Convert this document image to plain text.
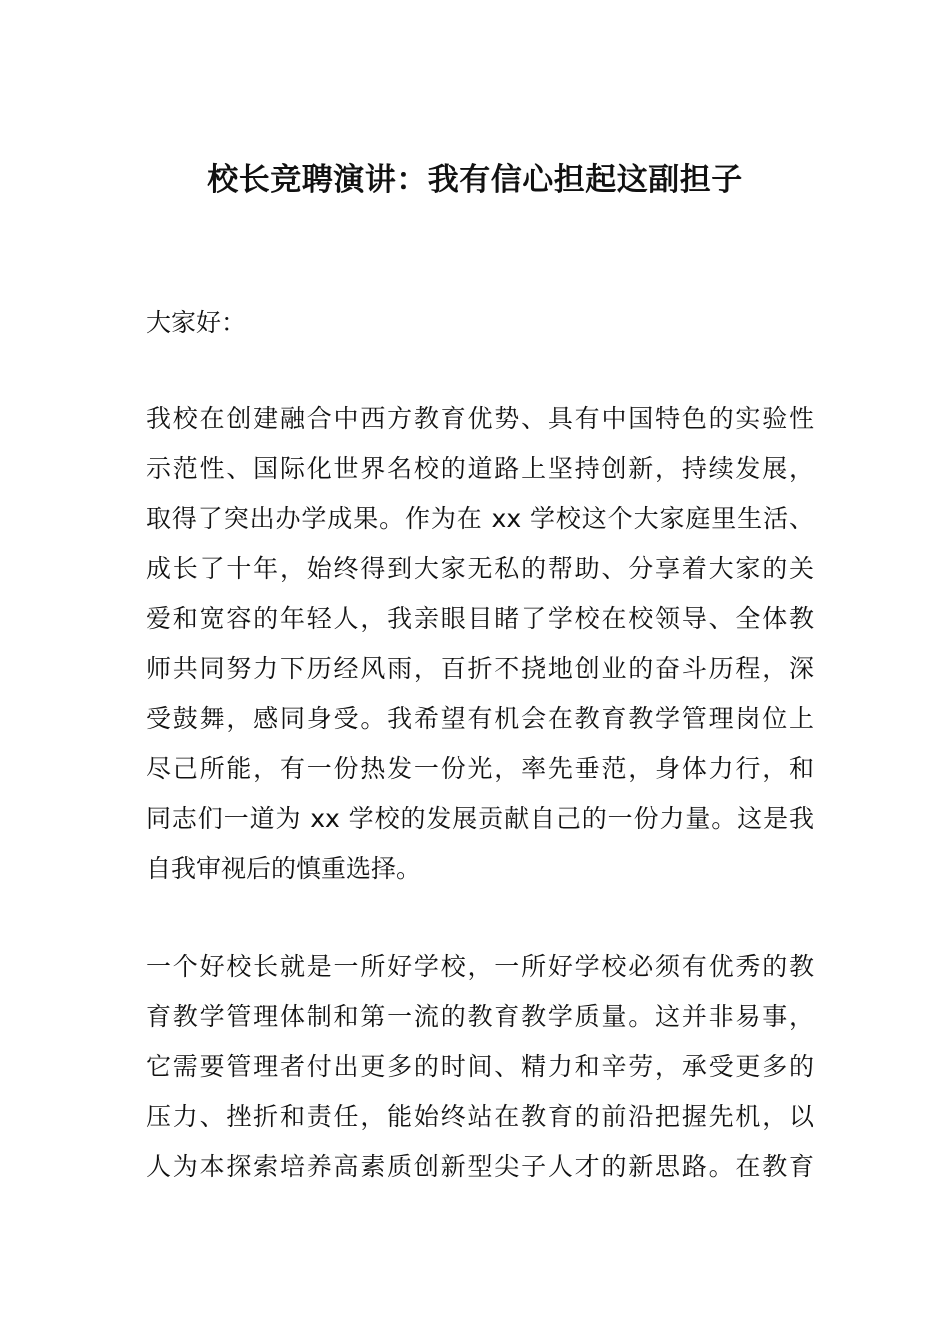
校长竞聘演讲：我有信心担起这副担子

大家好：

我校在创建融合中西方教育优势、具有中国特色的实验性
示范性、国际化世界名校的道路上坚持创新，持续发展，
取得了突出办学成果。作为在 xx 学校这个大家庭里生活、
成长了十年，始终得到大家无私的帮助、分享着大家的关
爱和宽容的年轻人，我亲眼目睹了学校在校领导、全体教
师共同努力下历经风雨，百折不挠地创业的奋斗历程，深
受鼓舞，感同身受。我希望有机会在教育教学管理岗位上
尽己所能，有一份热发一份光，率先垂范，身体力行，和
同志们一道为 xx 学校的发展贡献自己的一份力量。这是我
自我审视后的慎重选择。
一个好校长就是一所好学校，一所好学校必须有优秀的教
育教学管理体制和第一流的教育教学质量。这并非易事，
它需要管理者付出更多的时间、精力和辛劳，承受更多的
压力、挫折和责任，能始终站在教育的前沿把握先机，以
人为本探索培养高素质创新型尖子人才的新思路。在教育
